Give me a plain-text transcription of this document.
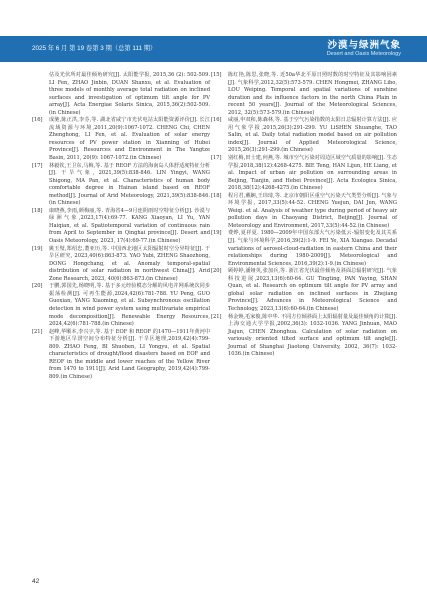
2025 年 6 月 第 19 卷第 3 期（总第 111 期）	沙漠与绿洲气象
Desert and Oasis Meteorology
估及光伏所对最佳倾角研究[J]. 太阳能学报, 2015,36 (2): 502-509. LI Fen, ZHAO Jinbin, DUAN Shanxu, et al. Evaluation of three models of monthly average total radiation on inclined surfaces and investigation of optimum tilt angle for PV array[J]. Acta Energiae Solaris Sinica, 2015,36(2):502-509.(in Chinese)
[16]	成驰,陈正洪,李芬,等. 湖北省咸宁市光伏电站太阳能资源评价[J]. 长江流域资源与环境,2011,20(9):1067-1072. CHENG Chi, CHEN Zhenghong, LI Fen, et al. Evaluation of solar energy resources of PV power station in Xianning of Hubei Province[J]. Resources and Environment in The Yangtze Basin, 2011, 20(9): 1067-1072.(in Chinese)
[17]	林毅钦,王卫东,马梅,等. 基于 REOF 方法的海南岛人体舒适度特征分析[J]. 干旱气象, 2021,39(5):838-846. LIN Yingyi, WANG Shigong, MA Pan, et al. Characteristics of human body comfortable degree in Hainan island based on REOF method[J]. Journal of Arid Meteorology, 2021,39(5):838-846.(in Chinese)
[18]	康晓燕,李雨,颜梅丽,等. 青海省4—9月连阴雨时空特征分析[J]. 沙漠与绿洲气象,2023,17(4):69-77. KANG Xiaoyan, LI Yu, YAN Haiqian, et al. Spatiotemporal variation of continuous rain from April to September in Qinghai province[J]. Desert and Oasis Meteorology, 2023, 17(4):69-77.(in Chinese)
[19]	姚玉璧,郑绍忠,董亚历,等. 中国西北地区太阳辐射时空分异特征[J]. 干旱区研究, 2023,40(6):863-873. YAO Yubi, ZHENG Shaozhong, DONG Hongchang, et al. Anomaly temporal-spatial distribution of solar radiation in northwest China[J]. Arid Zone Research, 2023, 40(6):863-873.(in Chinese)
[20]	于鹏,郭国先,杨晓明,等. 基于多元经验模态分解的风电并网系统次同步振荡检测[J]. 可再生能源,2024,42(6):781-788. YU Peng, GUO Guoxian, YANG Xiaoming, et al. Subsynchronous oscillation detection in wind power system using multivariate empirical mode decomposition[J]. Renewable Energy Resources, 2024,42(6):781-788.(in Chinese)
[21]	赵峰,华顺本,李兴宇,等. 基于 EOF 和 REOF 的1470—1911年黄河中下游地区旱涝空间分布特征分析[J]. 干旱区地理,2019,42(4):799-809. ZHAO Feng, BI Shuoben, LI Yongyu, et al. Spatial characteristics of drought/flood disasters based on EOF and REOF in the middle and lower reaches of the Yellow River from 1470 to 1911[J]. Arid Land Geography, 2019,42(4):799-809.(in Chinese)
[15]	陈红艳,陈思,张晓,等. 近50a华北平原日照时数的时空特征及其影响因素[J]. 气象科学,2012,32(5):573-579. CHEN Hongmei, ZHANG Libo, LOU Weiping. Temporal and spatial variations of sunshine duration and its influence factors in the north China Plain in recent 50 years[J]. Journal of the Meteorological Sciences, 2012, 32(5):573-579.(in Chinese)
[16]	咸丽,申双和,陈森林,等. 基于空气污染指数的太阳日总辐射计算方法[J]. 应用气象学报,2015,26(3):291-299. YU LiSHEN Shuanghe, TAO Salin, et al. Daily total radiation model based on air pollution index[J]. Journal of Applied Meteorological Science, 2015,26(3):291-299.(in Chinese)
[17]	别红梅,田士建,何燕,等. 城市空气污染对周边区域空气质量的影响[J]. 生态学报,2018,38(12):4268-4275. BIE Teng, HAN Lijun, HE Liang, et al. Impact of urban air pollution on surrounding areas in Beijing, Tianjin, and Hebei Province[J]. Acta Ecologica Sinica, 2018,38(12):4268-4275.(in Chinese)
[18]	程月君,戴娴,王玮琦,等. 北京市朝阳区重空气污染天气类型分析[J]. 气象与环境学报, 2017,33(5):44-52. CHENG Yuejun, DAI Jun, WANG Weiqi. et al. Analysis of weather type during period of heavy air pollution days in Chaoyang District, Beijing[J]. Journal of Meteorology and Environment, 2017,33(5):44-52.(in Chinese)
[19]	费烨,夏祥夏. 1980—2009年中国东部大气污染低云-辐射变化及其关系[J]. 气象与环境科学,2016,39(2):1-9. FEI Ye, XIA Xiangao. Decadal variations of aerosol-cloud-radiation in eastern China and their relationships during 1980-2009[J]. Meteorological and Environmental Sciences, 2016,39(2):1-9.(in Chinese)
[20]	顾婷婷,潘娅英,张加兵,等. 浙江省光伏最佳倾角及斜面总辐射研究[J]. 气象科技进展,2023,13(6):60-64. GU Tingting, PAN Yaying, SHAN Quan, et al. Research on optimum tilt angle for PV array and global solar radiation on inclined surfaces in Zhejiang Province[J]. Advances in Meteorological Science and Technology, 2023,13(6):60-64.(in Chinese)
[21]	杨金焕,毛家俊,陈中华. 不同方位倾斜面上太阳辐射量及最佳倾角的计算[J]. 上海交通大学学报,2002,36(3): 1032-1036. YANG Jinhuan, MAO Jiajun, CHEN Zhonghua. Calculation of solar radiation on variously oriented tilted surface and optimum tilt angle[J]. Journal of Shanghai Jiaotong University, 2002, 36(7): 1032-1036.(in Chinese)
42
